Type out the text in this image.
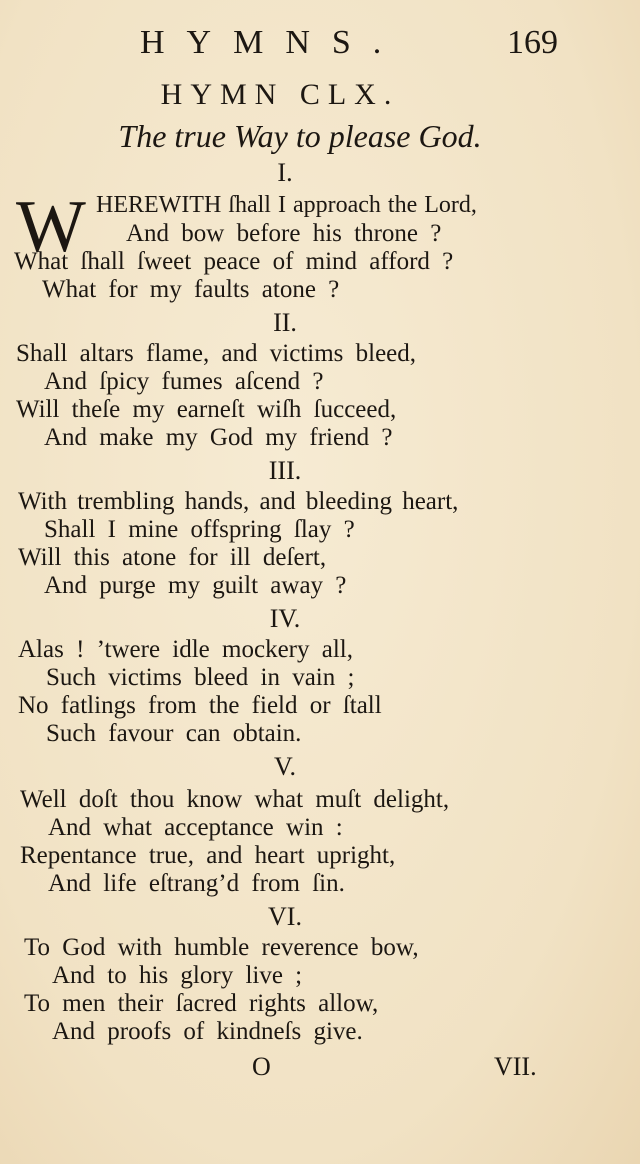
HYMNS.	169
HYMN CLX.
The true Way to please God.
I.
W HEREWITH ſhall I approach the Lord,
And bow before his throne ?
What ſhall ſweet peace of mind afford ?
What for my faults atone ?
II.
Shall altars flame, and victims bleed,
And ſpicy fumes aſcend ?
Will theſe my earneſt wiſh ſucceed,
And make my God my friend ?
III.
With trembling hands, and bleeding heart,
Shall I mine offspring ſlay ?
Will this atone for ill deſert,
And purge my guilt away ?
IV.
Alas ! ’twere idle mockery all,
Such victims bleed in vain ;
No fatlings from the field or ſtall
Such favour can obtain.
V.
Well doſt thou know what muſt delight,
And what acceptance win :
Repentance true, and heart upright,
And life eſtrang’d from ſin.
VI.
To God with humble reverence bow,
And to his glory live ;
To men their ſacred rights allow,
And proofs of kindneſs give.
O	VII.
